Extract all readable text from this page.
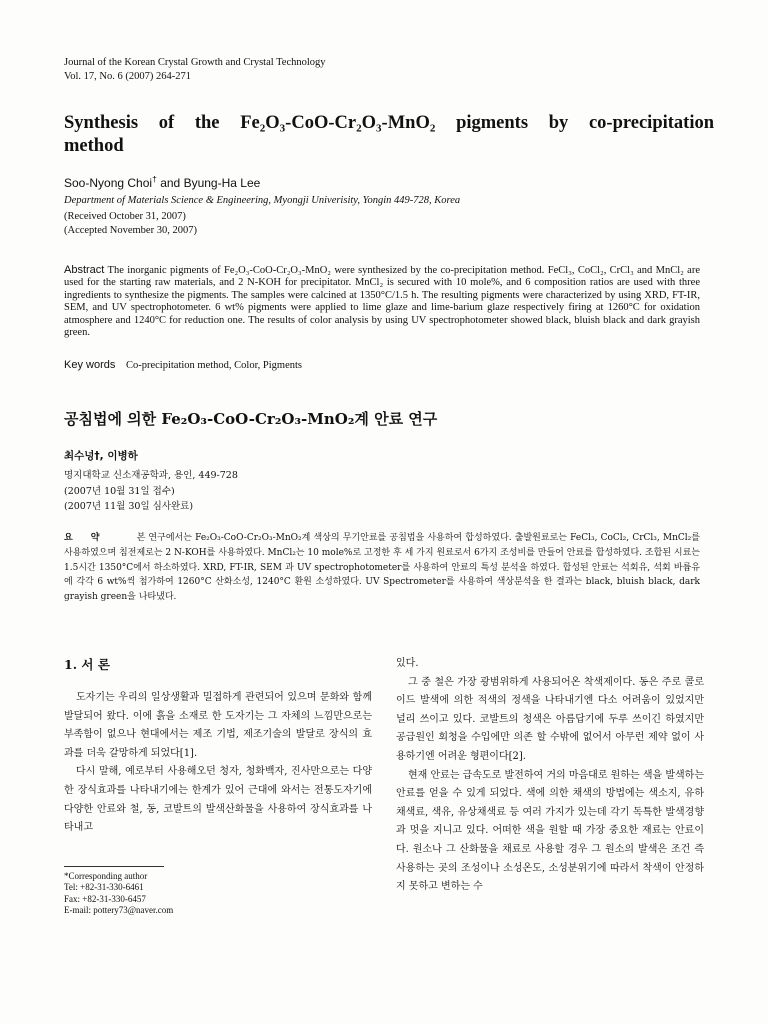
Journal of the Korean Crystal Growth and Crystal Technology
Vol. 17, No. 6 (2007) 264-271
Synthesis of the Fe₂O₃-CoO-Cr₂O₃-MnO₂ pigments by co-precipitation
method
Soo-Nyong Choi† and Byung-Ha Lee
Department of Materials Science & Engineering, Myongji Univerisity, Yongin 449-728, Korea
(Received October 31, 2007)
(Accepted November 30, 2007)
Abstract The inorganic pigments of Fe₂O₃-CoO-Cr₂O₃-MnO₂ were synthesized by the co-precipitation method. FeCl₃, CoCl₂, CrCl₃ and MnCl₂ are used for the starting raw materials, and 2 N-KOH for precipitator. MnCl₂ is secured with 10 mole%, and 6 composition ratios are used with three ingredients to synthesize the pigments. The samples were calcined at 1350°C/1.5 h. The resulting pigments were characterized by using XRD, FT-IR, SEM, and UV spectrophotometer. 6 wt% pigments were applied to lime glaze and lime-barium glaze respectively firing at 1260°C for oxidation atmosphere and 1240°C for reduction one. The results of color analysis by using UV spectrophotometer showed black, bluish black and dark grayish green.
Key words Co-precipitation method, Color, Pigments
공침법에 의한 Fe₂O₃-CoO-Cr₂O₃-MnO₂계 안료 연구
최수넝†, 이병하
명지대학교 신소재공학과, 용인, 449-728
(2007년 10월 31일 접수)
(2007년 11월 30일 심사완료)
요약 본 연구에서는 Fe₂O₃-CoO-Cr₂O₃-MnO₂계 색상의 무기안료를 공침법을 사용하여 합성하였다. 출발원료로는 FeCl₃, CoCl₂, CrCl₃, MnCl₂를 사용하였으며 침전제로는 2 N-KOH를 사용하였다. MnCl₂는 10 mole%로 고정한 후 세 가지 원료로서 6가지 조성비를 만들어 안료를 합성하였다. 조합된 시료는 1.5시간 1350°C에서 하소하였다. XRD, FT-IR, SEM 과 UV spectrophotometer를 사용하여 안료의 특성 분석을 하였다. 합성된 안료는 석회유, 석회 바륨유에 각각 6 wt%씩 첨가하여 1260°C 산화소성, 1240°C 환원 소성하였다. UV Spectrometer를 사용하여 색상분석을 한 결과는 black, bluish black, dark grayish green을 나타냈다.
1. 서 론

도자기는 우리의 일상생활과 밀접하게 관련되어 있으며 문화와 함께 발달되어 왔다. 이에 흙을 소재로 한 도자기는 그 자체의 느낌만으로는 부족함이 없으나 현대에서는 제조 기법, 제조기술의 발달로 장식의 효과를 더욱 갈망하게 되었다[1].

다시 말해, 예로부터 사용해오던 청자, 청화백자, 진사만으로는 다양한 장식효과를 나타내기에는 한계가 있어 근대에 와서는 전통도자기에 다양한 안료와 철, 동, 코발트의 발색산화물을 사용하여 장식효과를 나타내고

있다.

그 중 철은 가장 광범위하게 사용되어온 착색제이다. 동은 주로 콜로이드 발색에 의한 적색의 정색을 나타내기엔 다소 어려움이 있었지만 널리 쓰이고 있다. 코발트의 청색은 아름답기에 두루 쓰이긴 하였지만 공급원인 회청을 수입에만 의존 할 수밖에 없어서 아무런 제약 없이 사용하기엔 어려운 형편이다[2].

현재 안료는 급속도로 발전하여 거의 마음대로 원하는 색을 발색하는 안료를 얻을 수 있게 되었다. 색에 의한 채색의 방법에는 색소지, 유하채색료, 색유, 유상채색료 등 여러 가지가 있는데 각기 독특한 발색경향과 멋을 지니고 있다. 어떠한 색을 원할 때 가장 중요한 재료는 안료이다. 원소나 그 산화물을 채료로 사용할 경우 그 원소의 발색은 조건 즉 사용하는 곳의 조성이나 소성온도, 소성분위기에 따라서 착색이 안정하지 못하고 변하는 수

*Corresponding author
Tel: +82-31-330-6461
Fax: +82-31-330-6457
E-mail: pottery73@naver.com
